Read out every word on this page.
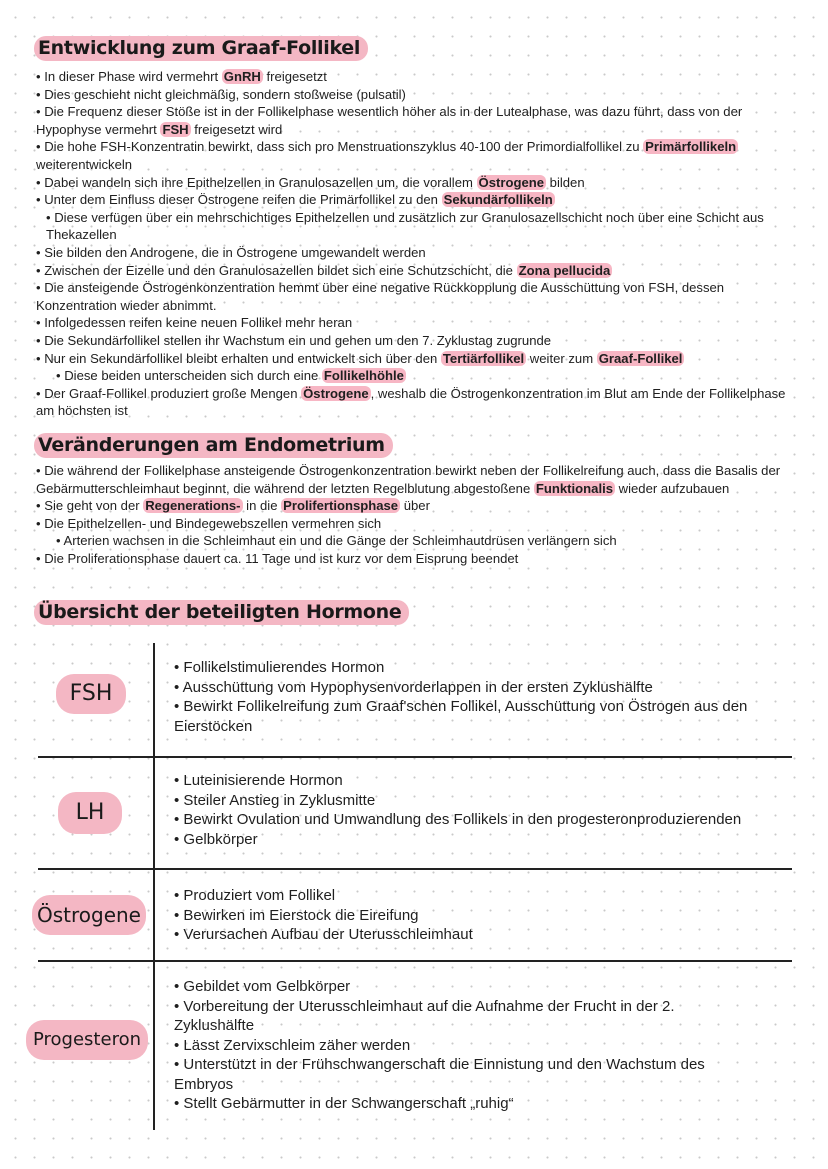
Entwicklung zum Graaf-Follikel

• In dieser Phase wird vermehrt GnRH freigesetzt

• Dies geschieht nicht gleichmäßig, sondern stoßweise (pulsatil)

• Die Frequenz dieser Stöße ist in der Follikelphase wesentlich höher als in der Lutealphase, was dazu führt, dass von der Hypophyse vermehrt FSH freigesetzt wird

• Die hohe FSH-Konzentratin bewirkt, dass sich pro Menstruationszyklus 40-100 der Primordialfollikel zu Primärfollikeln weiterentwickeln

• Dabei wandeln sich ihre Epithelzellen in Granulosazellen um, die vorallem Östrogene bilden

• Unter dem Einfluss dieser Östrogene reifen die Primärfollikel zu den Sekundärfollikeln

• Diese verfügen über ein mehrschichtiges Epithelzellen und zusätzlich zur Granulosazellschicht noch über eine Schicht aus Thekazellen

• Sie bilden den Androgene, die in Östrogene umgewandelt werden

• Zwischen der Eizelle und den Granulosazellen bildet sich eine Schutzschicht, die Zona pellucida

• Die ansteigende Östrogenkonzentration hemmt über eine negative Rückkopplung die Ausschüttung von FSH, dessen Konzentration wieder abnimmt.

• Infolgedessen reifen keine neuen Follikel mehr heran

• Die Sekundärfollikel stellen ihr Wachstum ein und gehen um den 7. Zyklustag zugrunde

• Nur ein Sekundärfollikel bleibt erhalten und entwickelt sich über den Tertiärfollikel weiter zum Graaf-Follikel

• Diese beiden unterscheiden sich durch eine Follikelhöhle

• Der Graaf-Follikel produziert große Mengen Östrogene , weshalb die Östrogenkonzentration im Blut am Ende der Follikelphase am höchsten ist

Veränderungen am Endometrium

• Die während der Follikelphase ansteigende Östrogenkonzentration bewirkt neben der Follikelreifung auch, dass die Basalis der Gebärmutterschleimhaut beginnt, die während der letzten Regelblutung abgestoßene Funktionalis wieder aufzubauen

• Sie geht von der Regenerations- in die Prolifertionsphase über

• Die Epithelzellen- und Bindegewebszellen vermehren sich

• Arterien wachsen in die Schleimhaut ein und die Gänge der Schleimhautdrüsen verlängern sich

• Die Proliferationsphase dauert ca. 11 Tage und ist kurz vor dem Eisprung beendet

Übersicht der beteiligten Hormone
FSH

• Follikelstimulierendes Hormon

• Ausschüttung vom Hypophysenvorderlappen in der ersten Zyklushälfte

• Bewirkt Follikelreifung zum Graaf'schen Follikel, Ausschüttung von Östrogen aus den Eierstöcken

LH

• Luteinisierende Hormon

• Steiler Anstieg in Zyklusmitte

• Bewirkt Ovulation und Umwandlung des Follikels in den progesteronproduzierenden

• Gelbkörper

Östrogene

• Produziert vom Follikel

• Bewirken im Eierstock die Eireifung

• Verursachen Aufbau der Uterusschleimhaut

Progesteron

• Gebildet vom Gelbkörper

• Vorbereitung der Uterusschleimhaut auf die Aufnahme der Frucht in der 2. Zyklushälfte

• Lässt Zervixschleim zäher werden

• Unterstützt in der Frühschwangerschaft die Einnistung und den Wachstum des Embryos

• Stellt Gebärmutter in der Schwangerschaft „ruhig“
